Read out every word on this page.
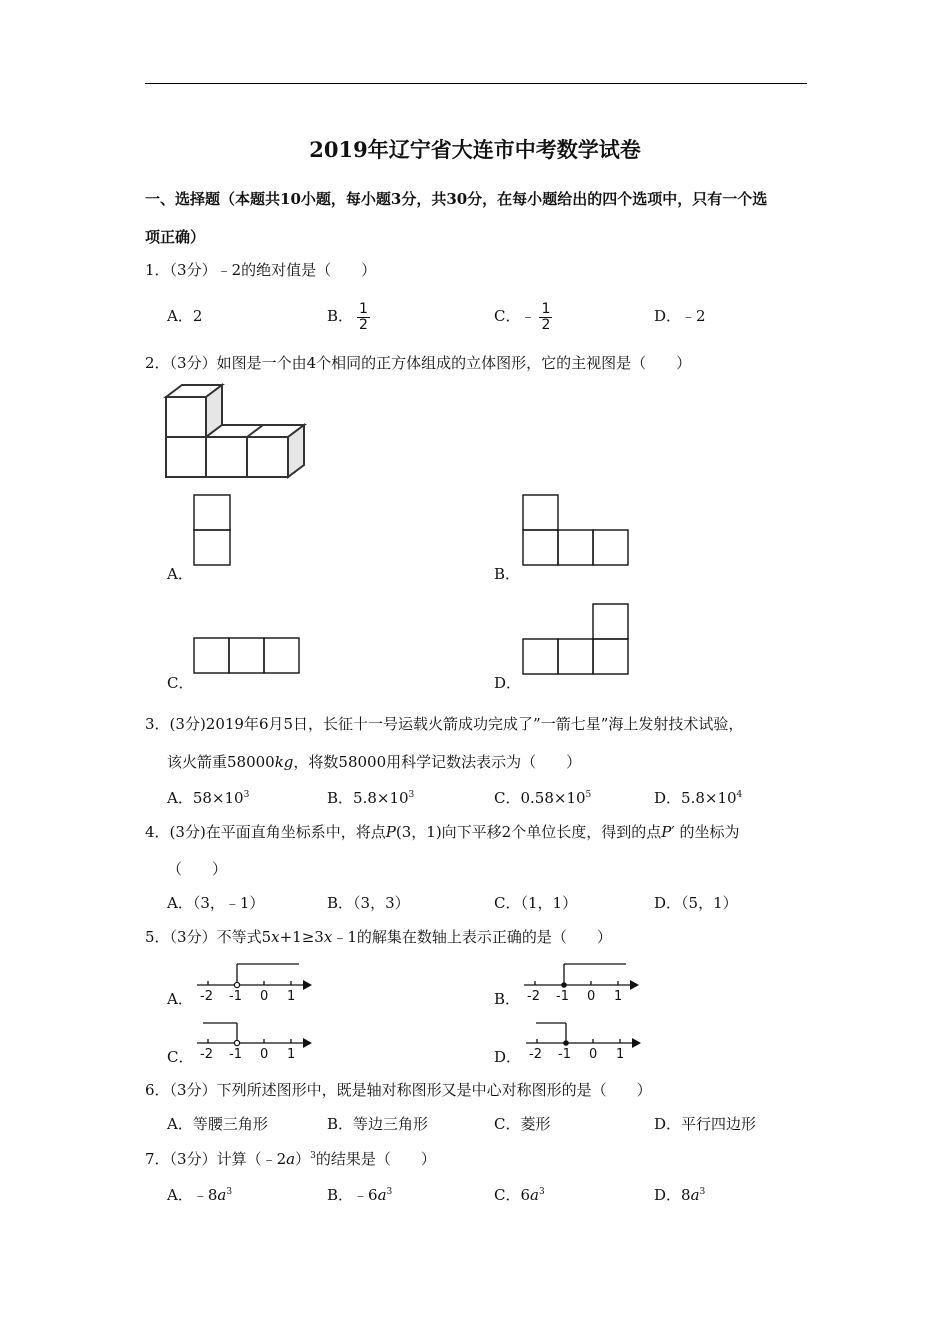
2019年辽宁省大连市中考数学试卷
一、选择题（本题共10小题，每小题3分，共30分，在每小题给出的四个选项中，只有一个选
项正确）
1．（3分）﹣2的绝对值是（　　）
A．2	B． $\frac{1}{2}$	C．﹣ $\frac{1}{2}$	D．﹣2
2．（3分）如图是一个由4个相同的正方体组成的立体图形，它的主视图是（　　）
A．	B．
C．	D．
3．(3分)2019年6月5日，长征十一号运载火箭成功完成了”一箭七星”海上发射技术试验，
该火箭重58000kg，将数58000用科学记数法表示为（　　）
A．$58\times 10^3$	B．$5.8\times 10^3$	C．$0.58\times 10^5$	D．$5.8\times 10^4$
4．(3分)在平面直角坐标系中，将点P(3，1)向下平移2个单位长度，得到的点P′ 的坐标为
（　　）
A．（3，﹣1）	B．（3，3）	C．（1，1）	D．（5，1）
5．（3分）不等式5x+1≥3x﹣1的解集在数轴上表示正确的是（　　）
-2 -1 0 1
A．	-2 -1 0 1
B．
-2 -1 0 1
C．	-2 -1 0 1
D．
6．（3分）下列所述图形中，既是轴对称图形又是中心对称图形的是（　　）
A．等腰三角形	B．等边三角形	C．菱形	D．平行四边形
7．（3分）计算（﹣2a）$^3$的结果是（　　）
A．$﹣8a^3$	B．$﹣6a^3$	C．$6a^3$	D．$8a^3$
